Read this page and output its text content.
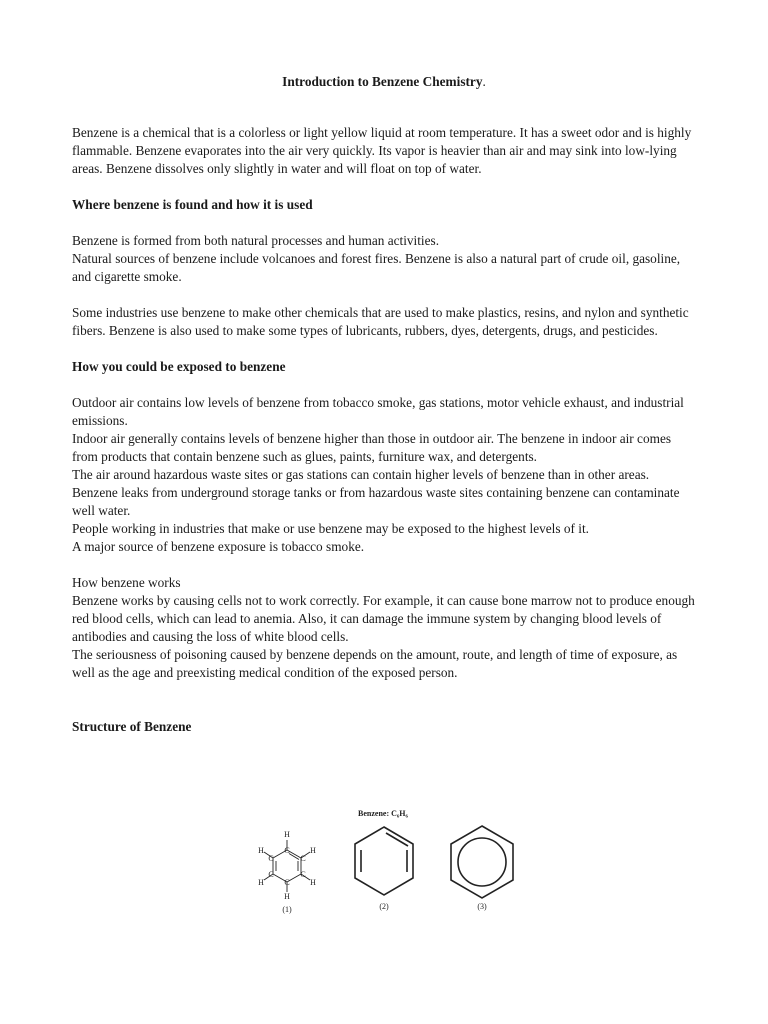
Introduction to Benzene Chemistry.

Benzene is a chemical that is a colorless or light yellow liquid at room temperature. It has a sweet odor and is highly flammable. Benzene evaporates into the air very quickly. Its vapor is heavier than air and may sink into low-lying areas. Benzene dissolves only slightly in water and will float on top of water.

Where benzene is found and how it is used

Benzene is formed from both natural processes and human activities.

Natural sources of benzene include volcanoes and forest fires. Benzene is also a natural part of crude oil, gasoline, and cigarette smoke.

Some industries use benzene to make other chemicals that are used to make plastics, resins, and nylon and synthetic fibers. Benzene is also used to make some types of lubricants, rubbers, dyes, detergents, drugs, and pesticides.

How you could be exposed to benzene

Outdoor air contains low levels of benzene from tobacco smoke, gas stations, motor vehicle exhaust, and industrial emissions.

Indoor air generally contains levels of benzene higher than those in outdoor air. The benzene in indoor air comes from products that contain benzene such as glues, paints, furniture wax, and detergents.

The air around hazardous waste sites or gas stations can contain higher levels of benzene than in other areas.

Benzene leaks from underground storage tanks or from hazardous waste sites containing benzene can contaminate well water.

People working in industries that make or use benzene may be exposed to the highest levels of it.

A major source of benzene exposure is tobacco smoke.

How benzene works

Benzene works by causing cells not to work correctly. For example, it can cause bone marrow not to produce enough red blood cells, which can lead to anemia. Also, it can damage the immune system by changing blood levels of antibodies and causing the loss of white blood cells.

The seriousness of poisoning caused by benzene depends on the amount, route, and length of time of exposure, as well as the age and preexisting medical condition of the exposed person.

Structure of Benzene

Benzene: C₆H₆
H
H
H
H
H
H
C
C
C
C
C
C
(1)	(2)	(3)
